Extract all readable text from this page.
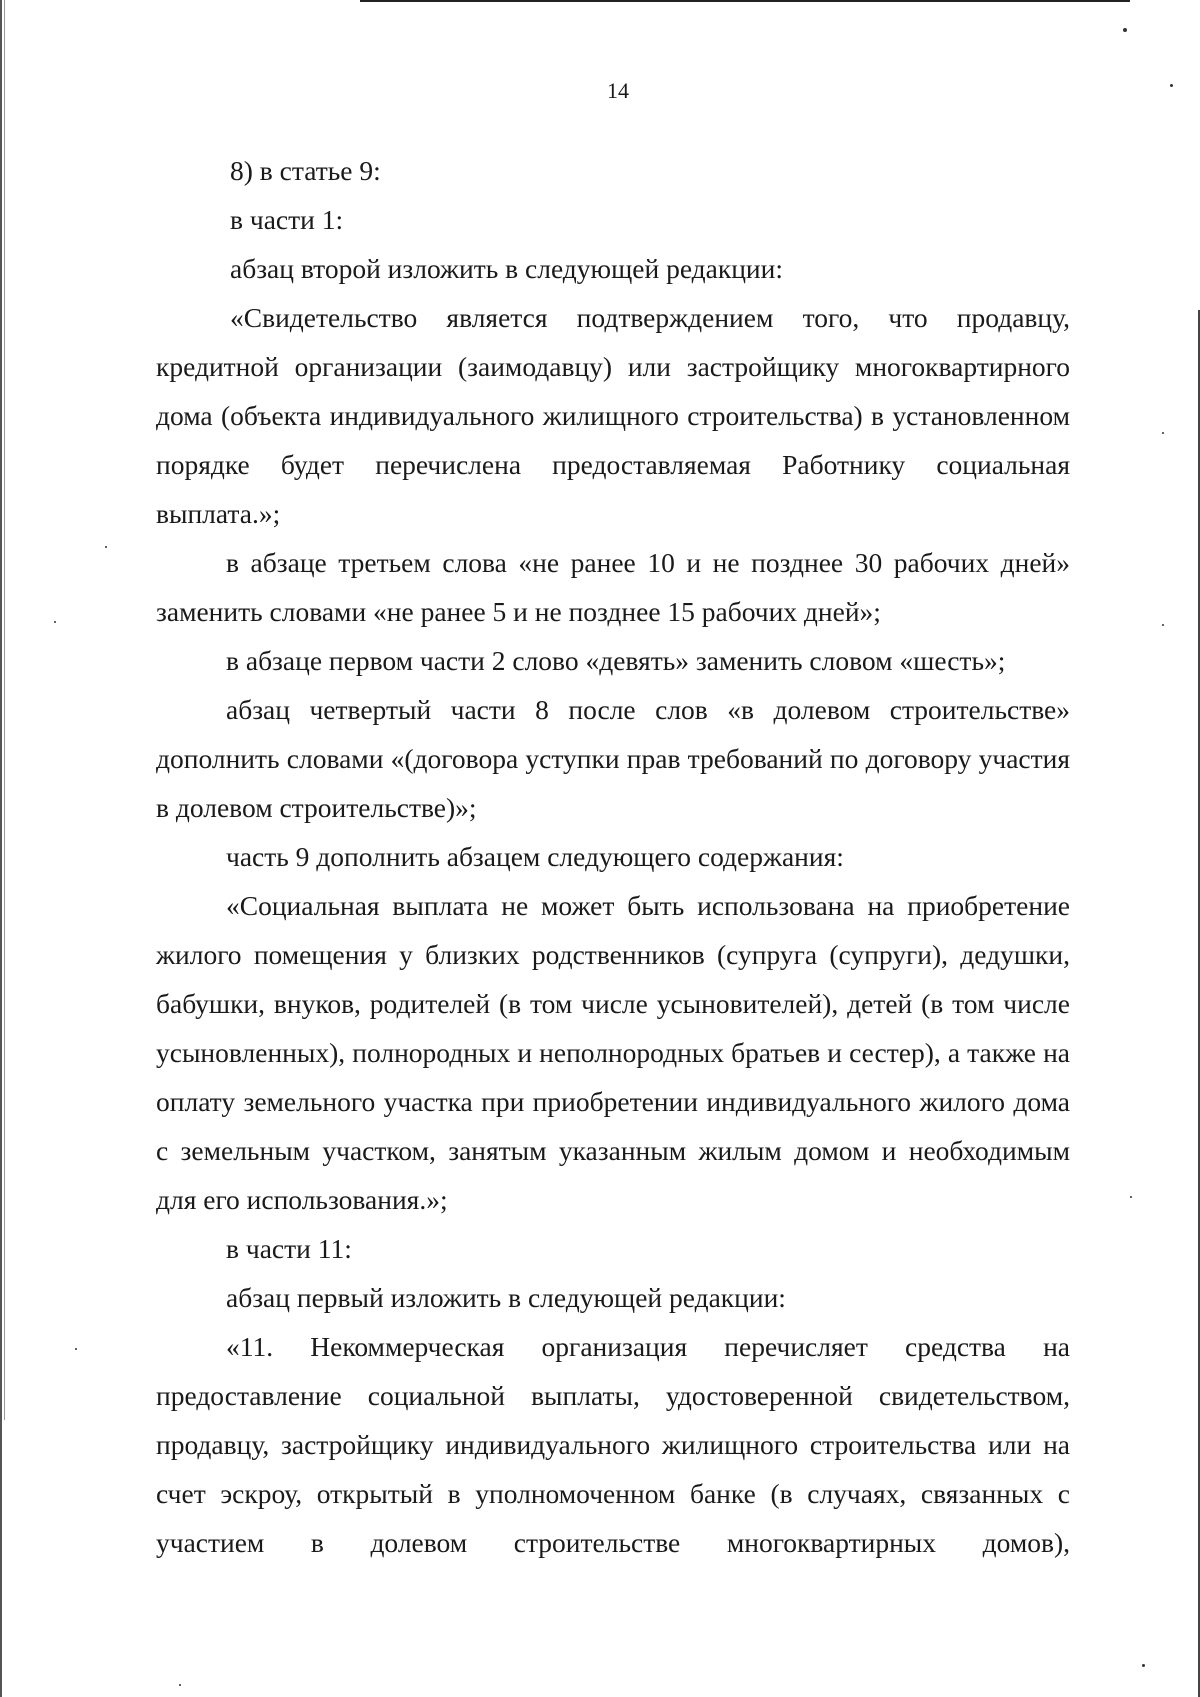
14

8) в статье 9:

в части 1:

абзац второй изложить в следующей редакции:

«Свидетельство является подтверждением того, что продавцу, кредитной организации (заимодавцу) или застройщику многоквартирного дома (объекта индивидуального жилищного строительства) в установленном порядке будет перечислена предоставляемая Работнику социальная выплата.»;

в абзаце третьем слова «не ранее 10 и не позднее 30 рабочих дней» заменить словами «не ранее 5 и не позднее 15 рабочих дней»;

в абзаце первом части 2 слово «девять» заменить словом «шесть»;

абзац четвертый части 8 после слов «в долевом строительстве» дополнить словами «(договора уступки прав требований по договору участия в долевом строительстве)»;

часть 9 дополнить абзацем следующего содержания:

«Социальная выплата не может быть использована на приобретение жилого помещения у близких родственников (супруга (супруги), дедушки, бабушки, внуков, родителей (в том числе усыновителей), детей (в том числе усыновленных), полнородных и неполнородных братьев и сестер), а также на оплату земельного участка при приобретении индивидуального жилого дома с земельным участком, занятым указанным жилым домом и необходимым для его использования.»;

в части 11:

абзац первый изложить в следующей редакции:

«11. Некоммерческая организация перечисляет средства на предоставление социальной выплаты, удостоверенной свидетельством, продавцу, застройщику индивидуального жилищного строительства или на счет эскроу, открытый в уполномоченном банке (в случаях, связанных с участием в долевом строительстве многоквартирных домов),
